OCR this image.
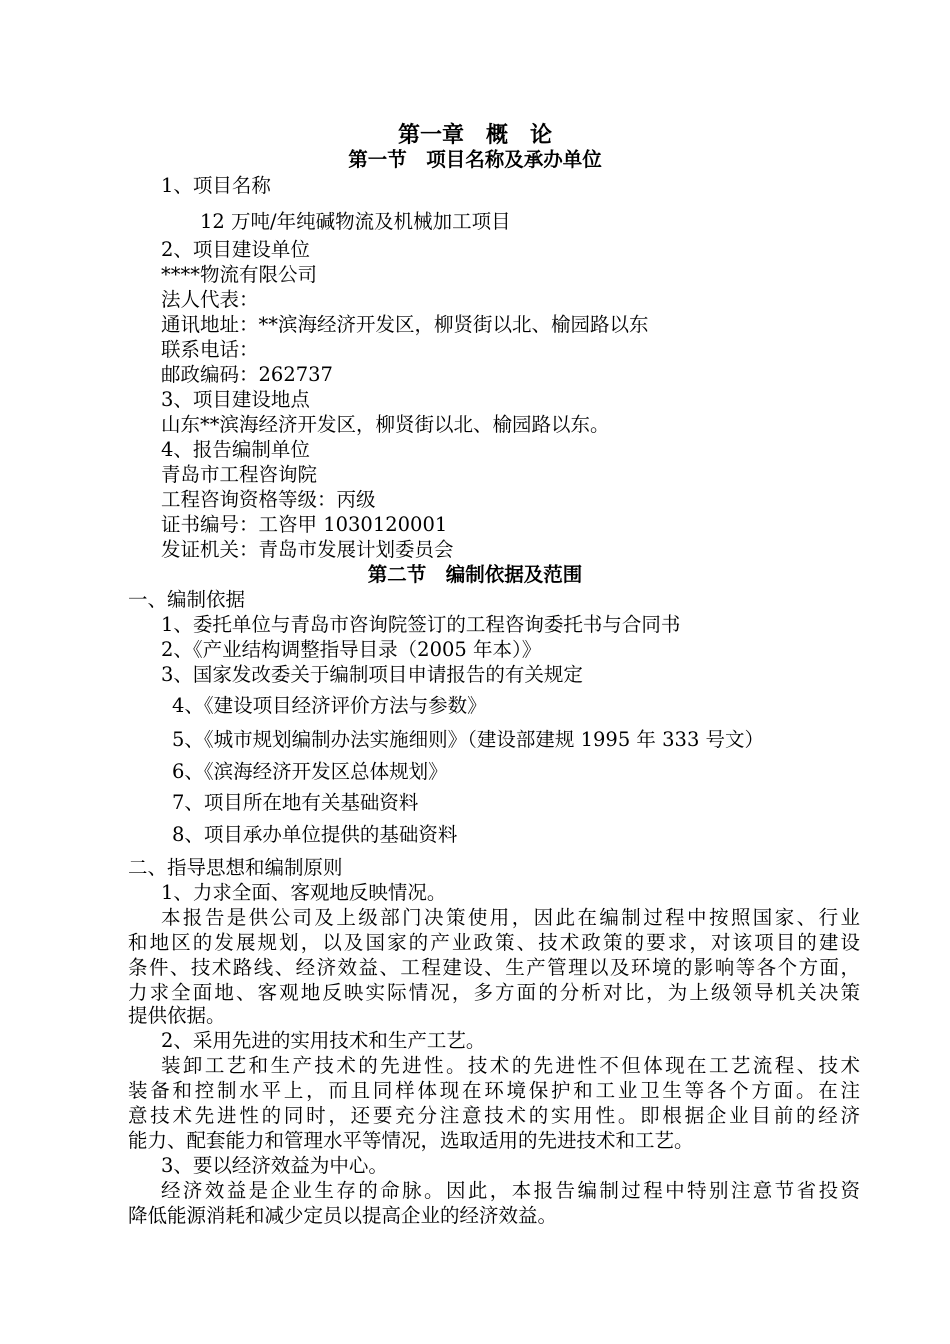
第一章　概　论
第一节　项目名称及承办单位
1、项目名称
12 万吨/年纯碱物流及机械加工项目
2、项目建设单位
****物流有限公司
法人代表：
通讯地址：**滨海经济开发区，柳贤街以北、榆园路以东
联系电话：
邮政编码：262737
3、项目建设地点
山东**滨海经济开发区，柳贤街以北、榆园路以东。
4、报告编制单位
青岛市工程咨询院
工程咨询资格等级：丙级
证书编号：工咨甲 1030120001
发证机关：青岛市发展计划委员会
第二节　编制依据及范围
一、编制依据
1、委托单位与青岛市咨询院签订的工程咨询委托书与合同书
2、《产业结构调整指导目录（2005 年本）》
3、国家发改委关于编制项目申请报告的有关规定
4、《建设项目经济评价方法与参数》
5、《城市规划编制办法实施细则》（建设部建规 1995 年 333 号文）
6、《滨海经济开发区总体规划》
7、项目所在地有关基础资料
8、项目承办单位提供的基础资料
二、指导思想和编制原则
1、力求全面、客观地反映情况。
本报告是供公司及上级部门决策使用，因此在编制过程中按照国家、行业
和地区的发展规划，以及国家的产业政策、技术政策的要求，对该项目的建设
条件、技术路线、经济效益、工程建设、生产管理以及环境的影响等各个方面，
力求全面地、客观地反映实际情况，多方面的分析对比，为上级领导机关决策
提供依据。
2、采用先进的实用技术和生产工艺。
装卸工艺和生产技术的先进性。技术的先进性不但体现在工艺流程、技术
装备和控制水平上，而且同样体现在环境保护和工业卫生等各个方面。在注
意技术先进性的同时，还要充分注意技术的实用性。即根据企业目前的经济
能力、配套能力和管理水平等情况，选取适用的先进技术和工艺。
3、要以经济效益为中心。
经济效益是企业生存的命脉。因此，本报告编制过程中特别注意节省投资
降低能源消耗和减少定员以提高企业的经济效益。
